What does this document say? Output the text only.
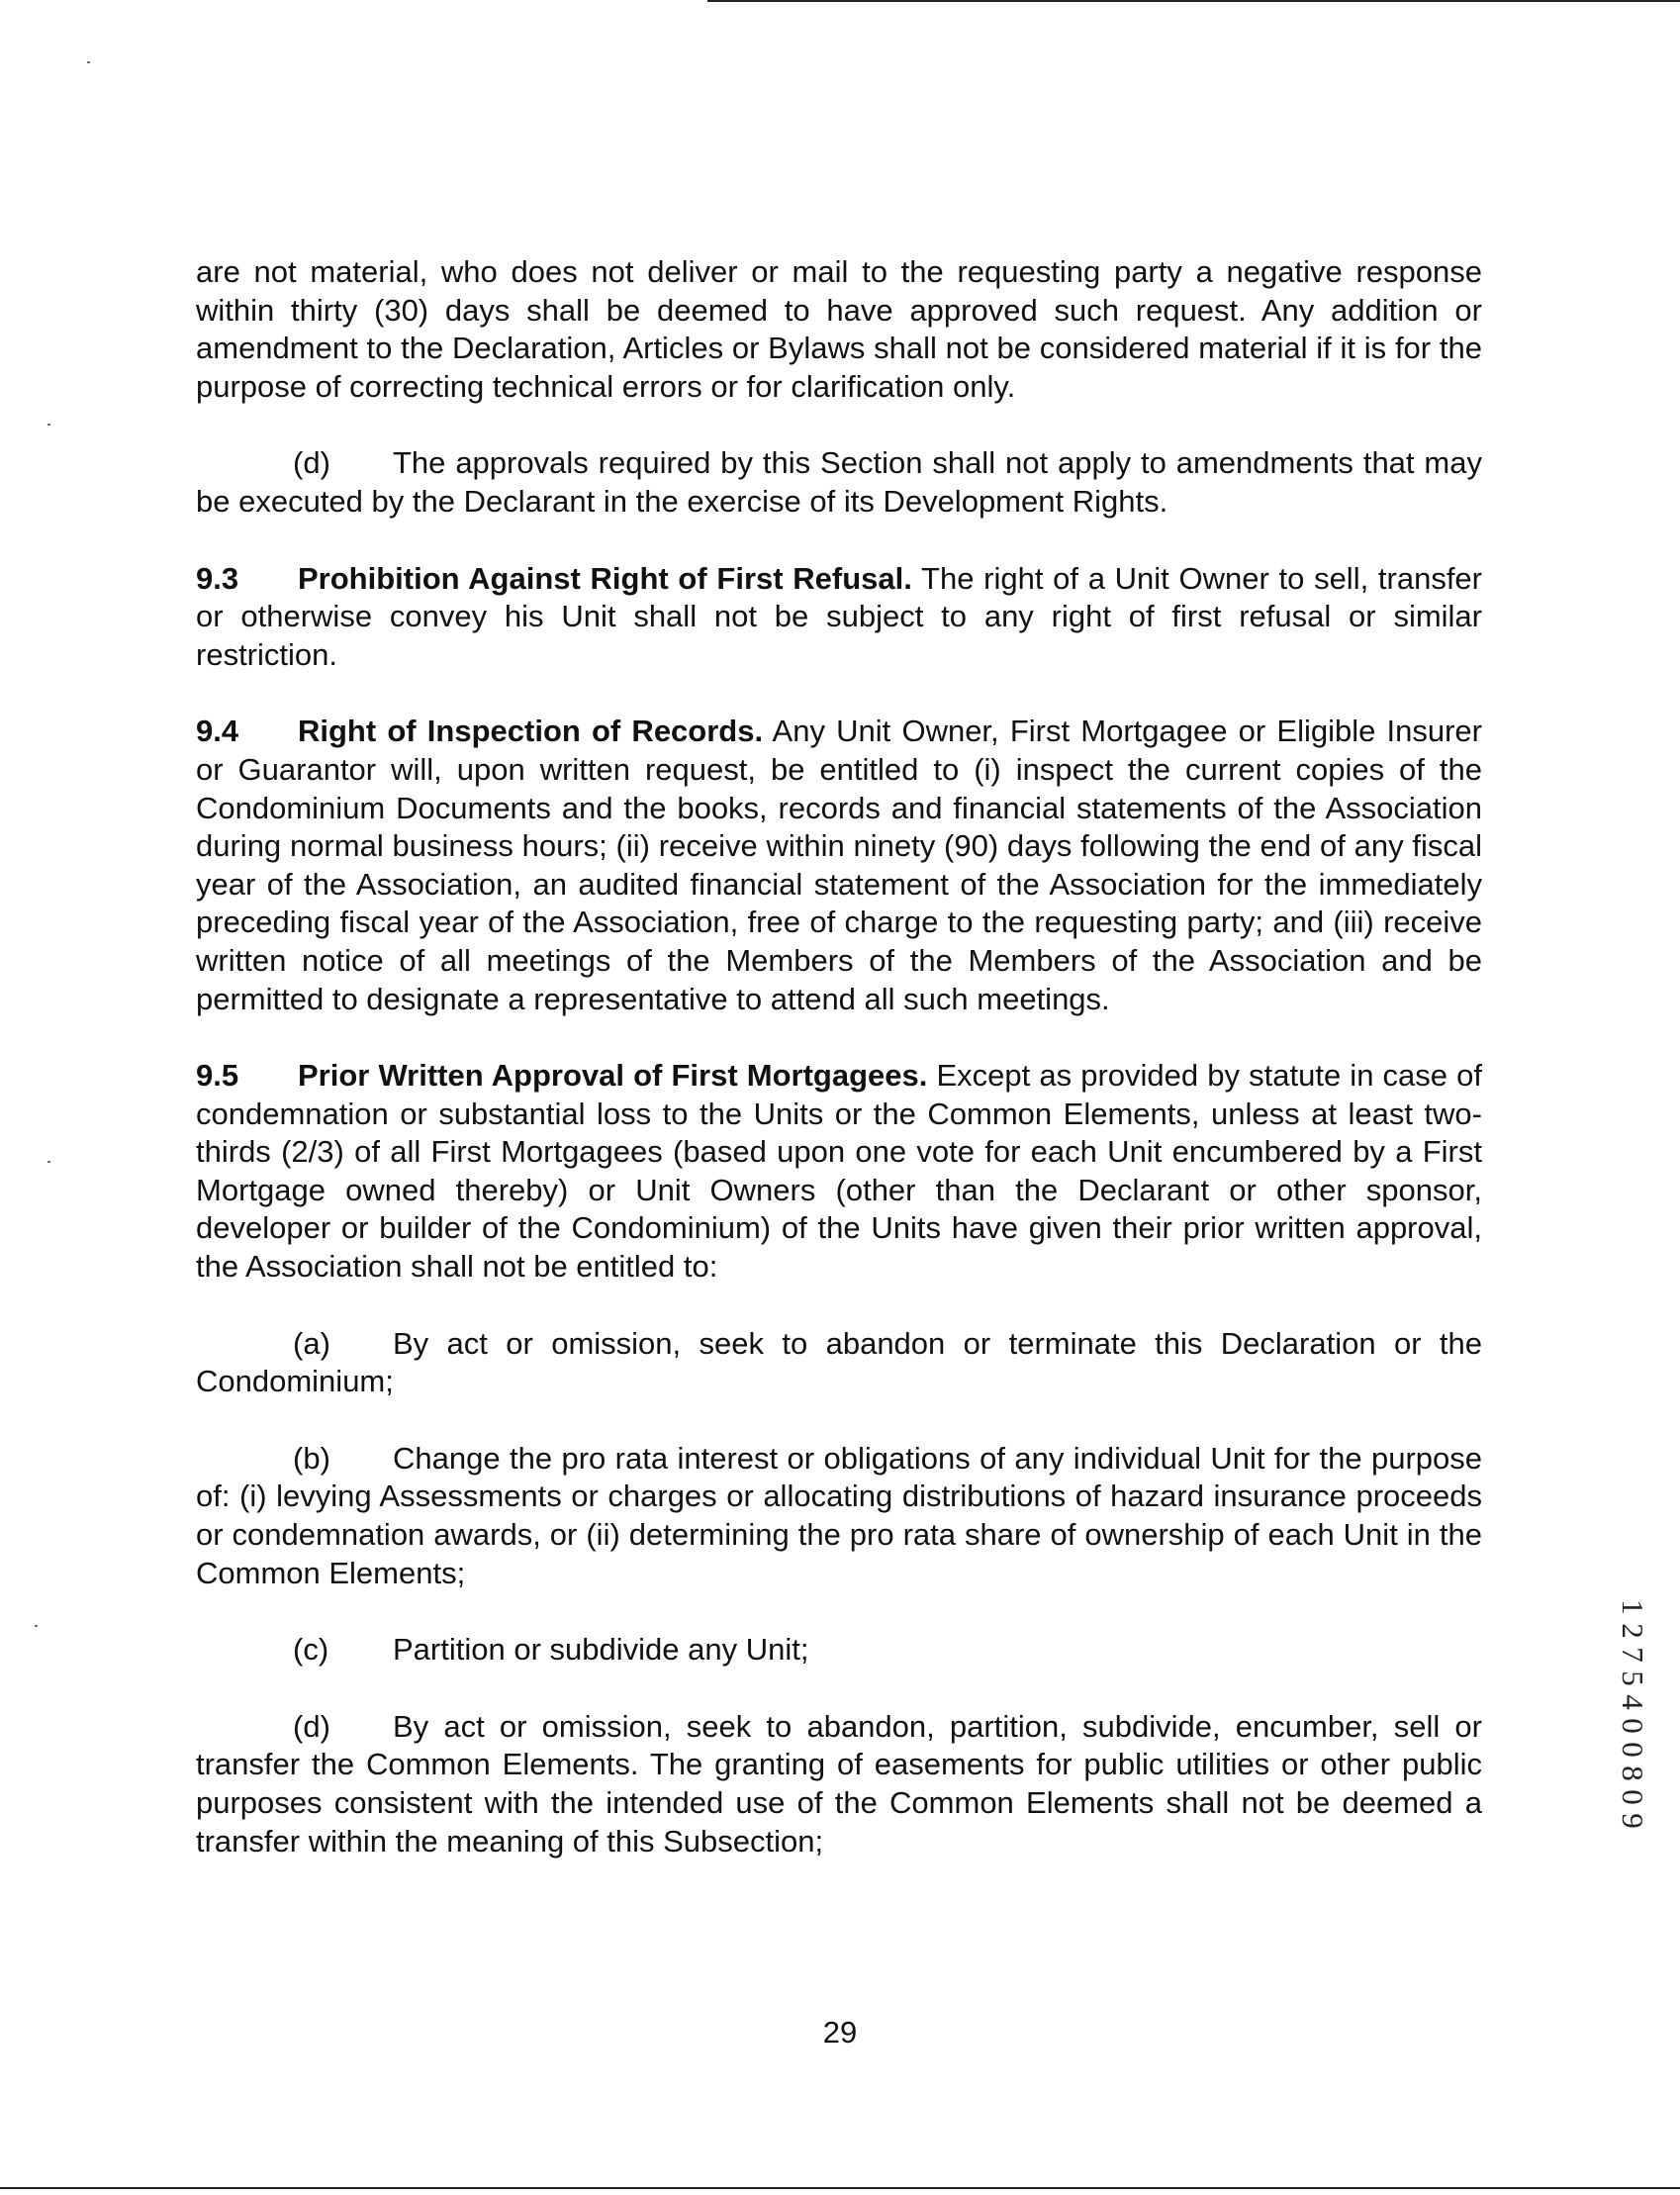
are not material, who does not deliver or mail to the requesting party a negative response within thirty (30) days shall be deemed to have approved such request. Any addition or amendment to the Declaration, Articles or Bylaws shall not be considered material if it is for the purpose of correcting technical errors or for clarification only.

(d) The approvals required by this Section shall not apply to amendments that may be executed by the Declarant in the exercise of its Development Rights.

9.3 Prohibition Against Right of First Refusal. The right of a Unit Owner to sell, transfer or otherwise convey his Unit shall not be subject to any right of first refusal or similar restriction.

9.4 Right of Inspection of Records. Any Unit Owner, First Mortgagee or Eligible Insurer or Guarantor will, upon written request, be entitled to (i) inspect the current copies of the Condominium Documents and the books, records and financial statements of the Association during normal business hours; (ii) receive within ninety (90) days following the end of any fiscal year of the Association, an audited financial statement of the Association for the immediately preceding fiscal year of the Association, free of charge to the requesting party; and (iii) receive written notice of all meetings of the Members of the Members of the Association and be permitted to designate a representative to attend all such meetings.

9.5 Prior Written Approval of First Mortgagees. Except as provided by statute in case of condemnation or substantial loss to the Units or the Common Elements, unless at least two-thirds (2/3) of all First Mortgagees (based upon one vote for each Unit encumbered by a First Mortgage owned thereby) or Unit Owners (other than the Declarant or other sponsor, developer or builder of the Condominium) of the Units have given their prior written approval, the Association shall not be entitled to:

(a) By act or omission, seek to abandon or terminate this Declaration or the Condominium;

(b) Change the pro rata interest or obligations of any individual Unit for the purpose of: (i) levying Assessments or charges or allocating distributions of hazard insurance proceeds or condemnation awards, or (ii) determining the pro rata share of ownership of each Unit in the Common Elements;

(c) Partition or subdivide any Unit;

(d) By act or omission, seek to abandon, partition, subdivide, encumber, sell or transfer the Common Elements. The granting of easements for public utilities or other public purposes consistent with the intended use of the Common Elements shall not be deemed a transfer within the meaning of this Subsection;

29
1
2
7
5
4
0
0
8
0
9
